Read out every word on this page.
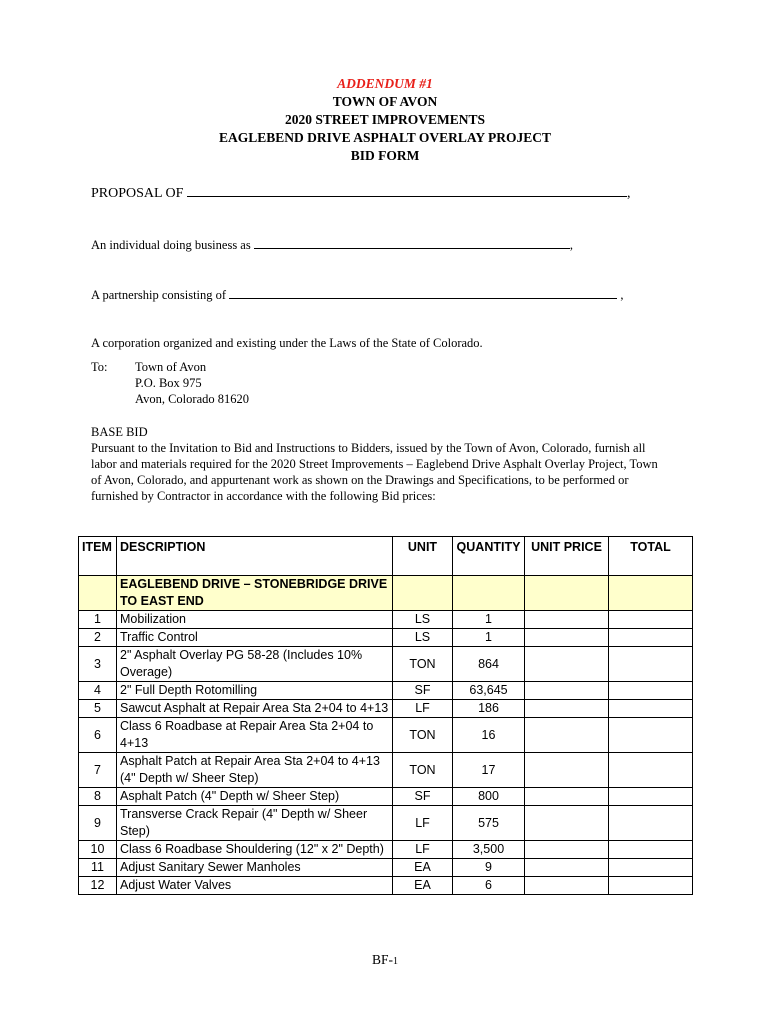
ADDENDUM #1
TOWN OF AVON
2020 STREET IMPROVEMENTS
EAGLEBEND DRIVE ASPHALT OVERLAY PROJECT
BID FORM
PROPOSAL OF	,
An individual doing business as	,
A partnership consisting of	,
A corporation organized and existing under the Laws of the State of Colorado.
To: Town of Avon
P.O. Box 975
Avon, Colorado 81620
BASE BID
Pursuant to the Invitation to Bid and Instructions to Bidders, issued by the Town of Avon, Colorado, furnish all labor and materials required for the 2020 Street Improvements – Eaglebend Drive Asphalt Overlay Project, Town of Avon, Colorado, and appurtenant work as shown on the Drawings and Specifications, to be performed or furnished by Contractor in accordance with the following Bid prices:
ITEM	DESCRIPTION	UNIT	QUANTITY	UNIT PRICE	TOTAL
	EAGLEBEND DRIVE – STONEBRIDGE DRIVE TO EAST END				
1	Mobilization	LS	1		
2	Traffic Control	LS	1		
3	2" Asphalt Overlay PG 58-28 (Includes 10% Overage)	TON	864		
4	2" Full Depth Rotomilling	SF	63,645		
5	Sawcut Asphalt at Repair Area Sta 2+04 to 4+13	LF	186		
6	Class 6 Roadbase at Repair Area Sta 2+04 to 4+13	TON	16		
7	Asphalt Patch at Repair Area Sta 2+04 to 4+13 (4" Depth w/ Sheer Step)	TON	17		
8	Asphalt Patch (4" Depth w/ Sheer Step)	SF	800		
9	Transverse Crack Repair (4" Depth w/ Sheer Step)	LF	575		
10	Class 6 Roadbase Shouldering (12" x 2" Depth)	LF	3,500		
11	Adjust Sanitary Sewer Manholes	EA	9		
12	Adjust Water Valves	EA	6		
BF-1
